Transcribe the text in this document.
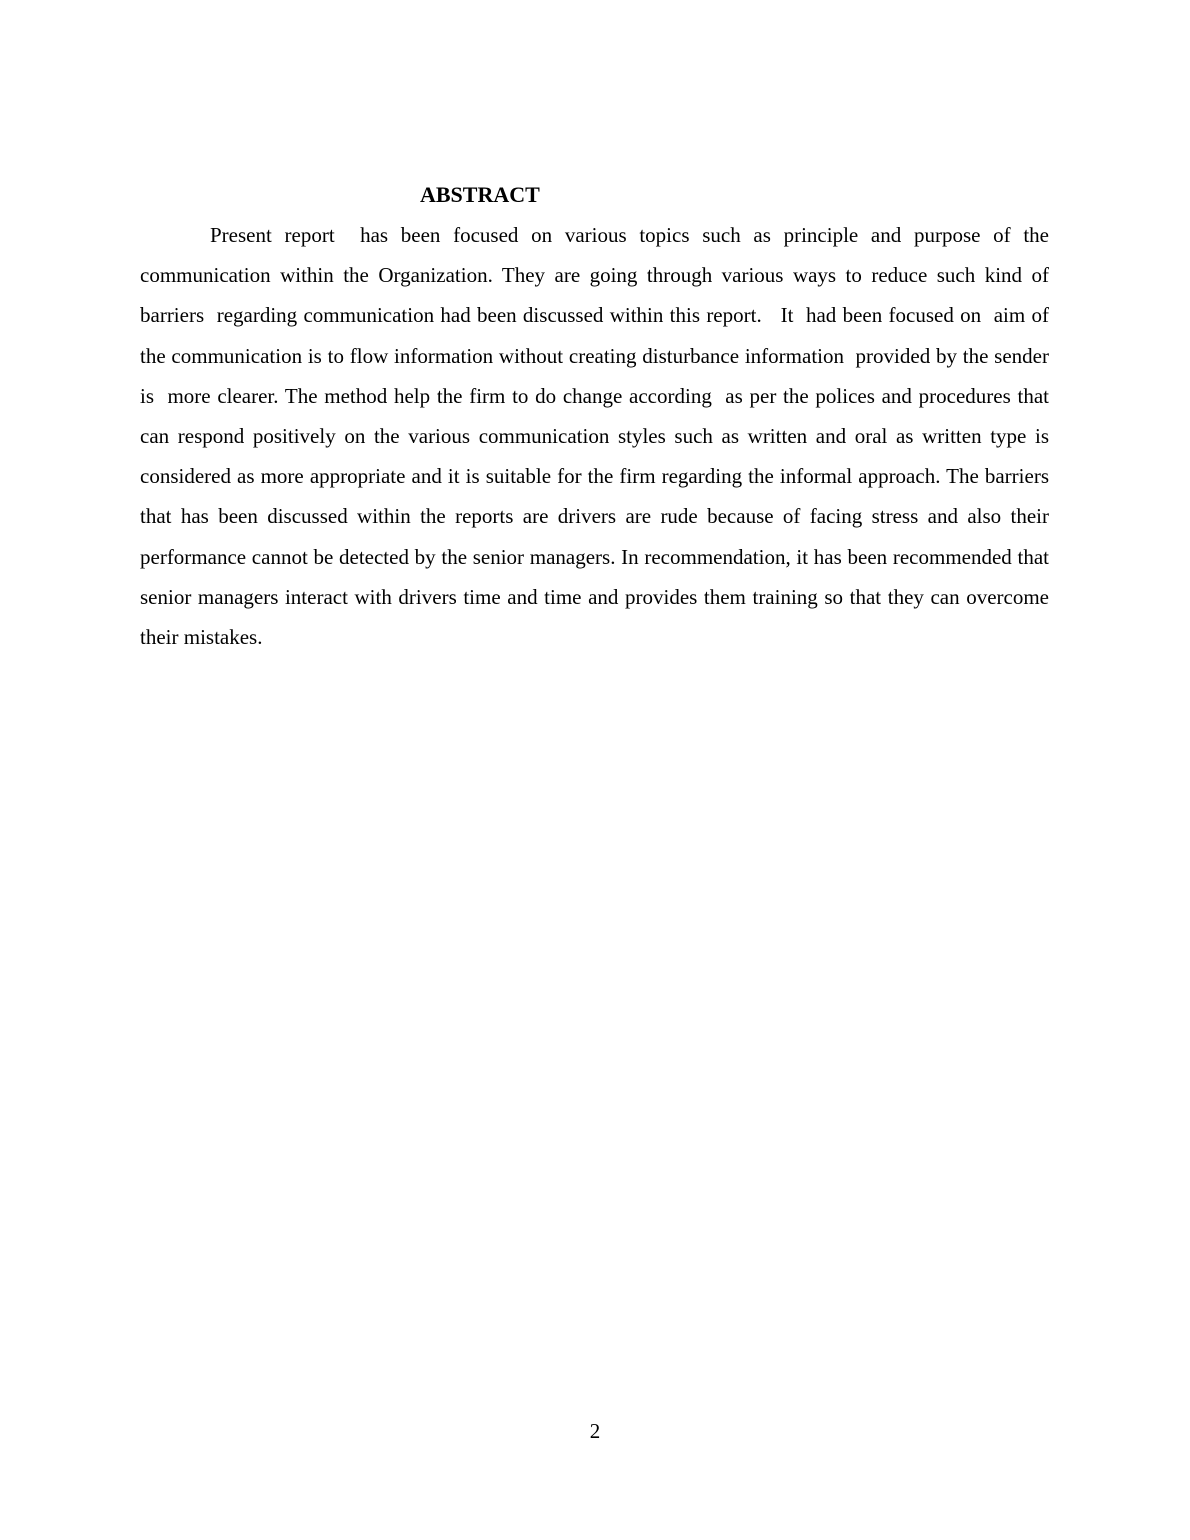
ABSTRACT

Present report  has been focused on various topics such as principle and purpose of the communication within the Organization. They are going through various ways to reduce such kind of barriers  regarding communication had been discussed within this report.   It  had been focused on  aim of the communication is to flow information without creating disturbance information  provided by the sender is  more clearer. The method help the firm to do change according  as per the polices and procedures that can respond positively on the various communication styles such as written and oral as written type is considered as more appropriate and it is suitable for the firm regarding the informal approach. The barriers that has been discussed within the reports are drivers are rude because of facing stress and also their performance cannot be detected by the senior managers. In recommendation, it has been recommended that senior managers interact with drivers time and time and provides them training so that they can overcome their mistakes.

2
